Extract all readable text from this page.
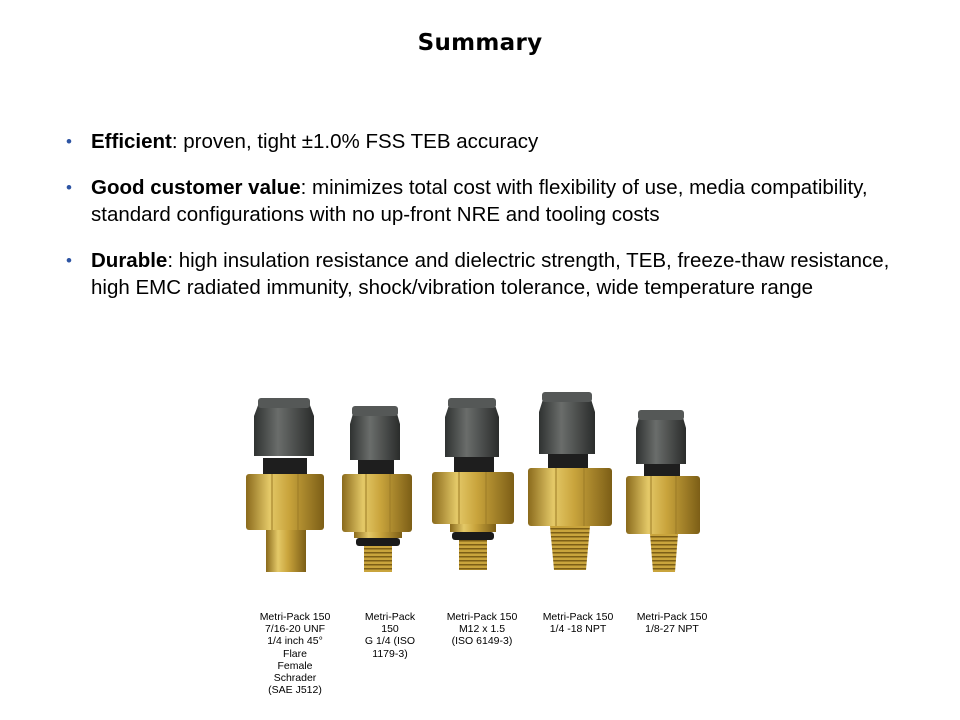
Summary
• Efficient: proven, tight ±1.0% FSS TEB accuracy
• Good customer value: minimizes total cost with flexibility of use, media compatibility, standard configurations with no up-front NRE and tooling costs
• Durable: high insulation resistance and dielectric strength, TEB, freeze-thaw resistance, high EMC radiated immunity, shock/vibration tolerance, wide temperature range
Metri-Pack 150
7/16-20 UNF
1/4 inch 45°
Flare
Female
Schrader
(SAE J512)
Metri-Pack
150
G 1/4 (ISO
1179-3)
Metri-Pack 150
M12 x 1.5
(ISO 6149-3)
Metri-Pack 150
1/4 -18 NPT
Metri-Pack 150
1/8-27 NPT
